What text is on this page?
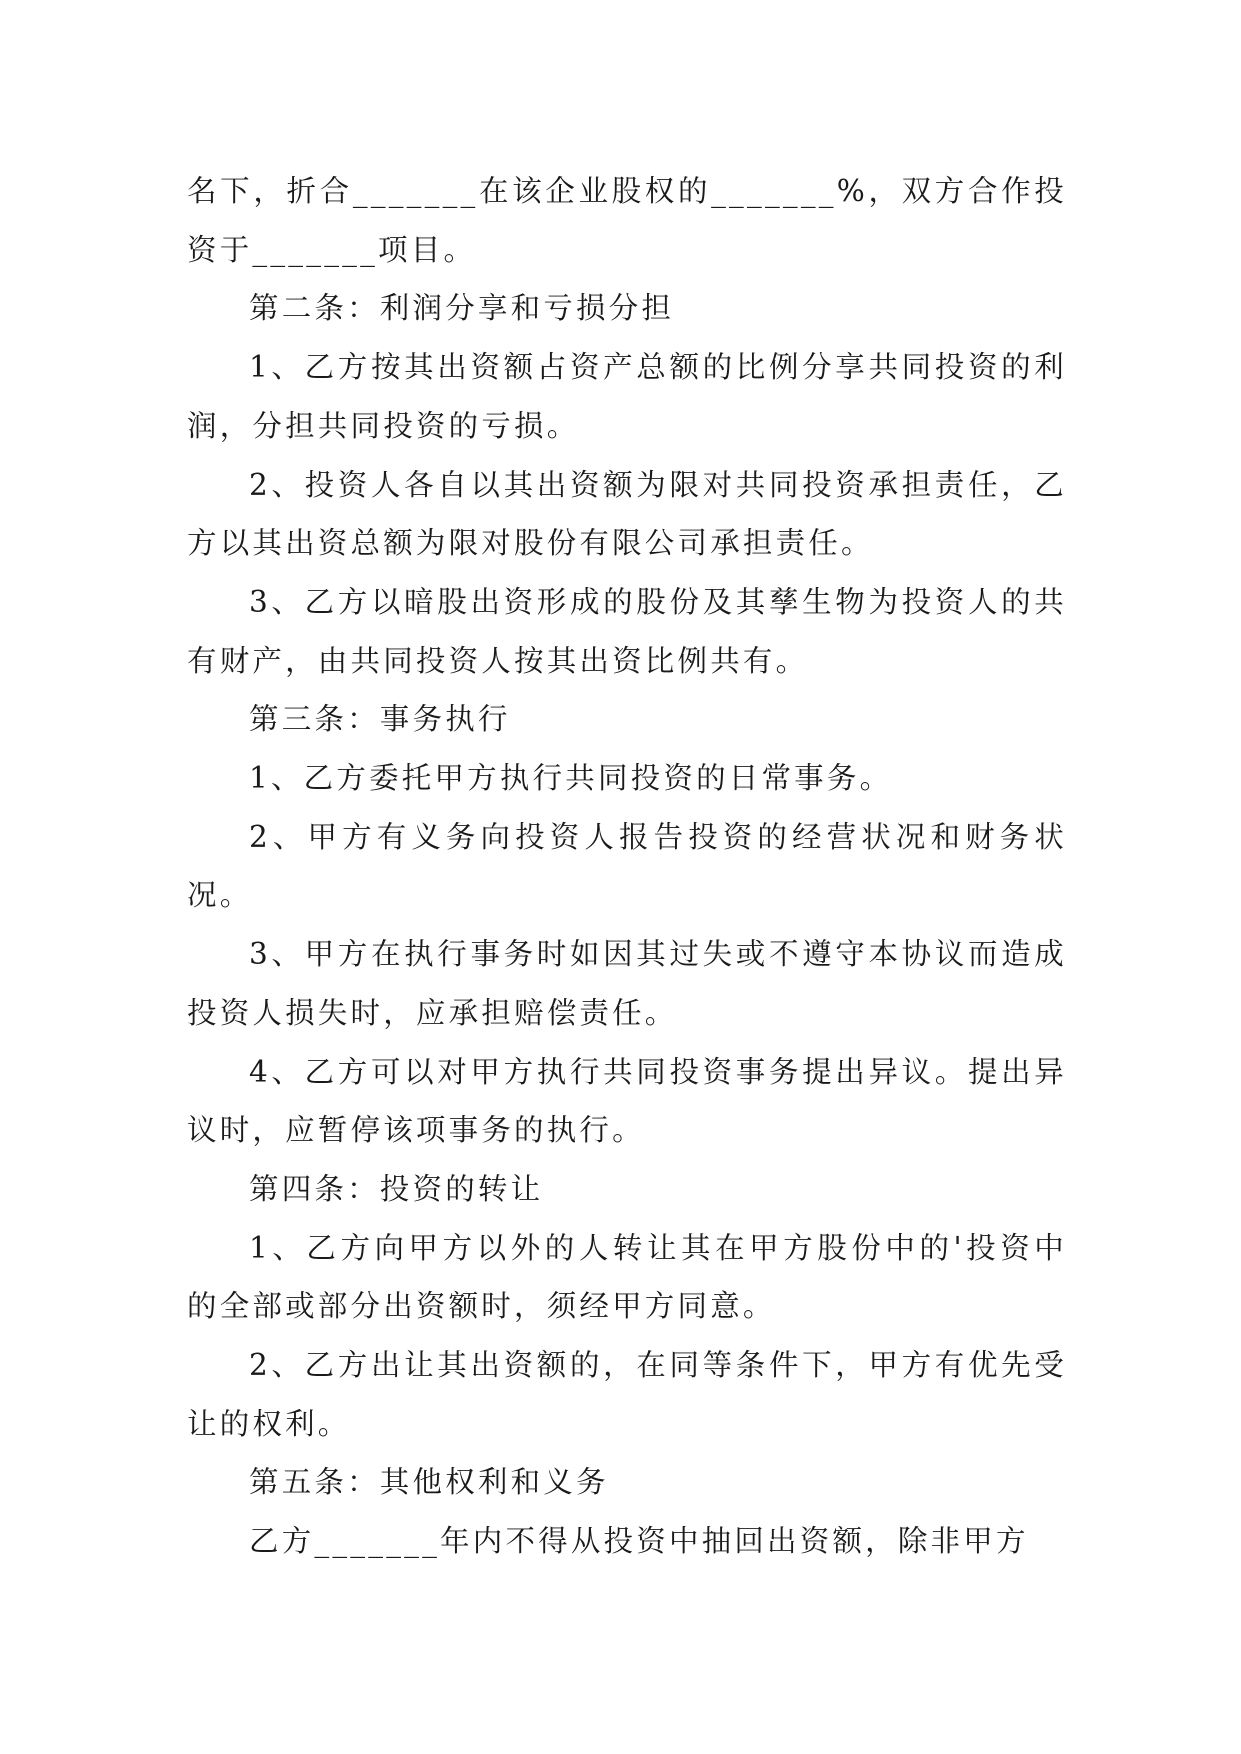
名下，折合_______在该企业股权的_______%，双方合作投资于_______项目。

第二条：利润分享和亏损分担

1、乙方按其出资额占资产总额的比例分享共同投资的利润，分担共同投资的亏损。

2、投资人各自以其出资额为限对共同投资承担责任，乙方以其出资总额为限对股份有限公司承担责任。

3、乙方以暗股出资形成的股份及其孳生物为投资人的共有财产，由共同投资人按其出资比例共有。

第三条：事务执行

1、乙方委托甲方执行共同投资的日常事务。

2、甲方有义务向投资人报告投资的经营状况和财务状况。

3、甲方在执行事务时如因其过失或不遵守本协议而造成投资人损失时，应承担赔偿责任。

4、乙方可以对甲方执行共同投资事务提出异议。提出异议时，应暂停该项事务的执行。

第四条：投资的转让

1、乙方向甲方以外的人转让其在甲方股份中的'投资中的全部或部分出资额时，须经甲方同意。

2、乙方出让其出资额的，在同等条件下，甲方有优先受让的权利。

第五条：其他权利和义务

乙方_______年内不得从投资中抽回出资额，除非甲方
